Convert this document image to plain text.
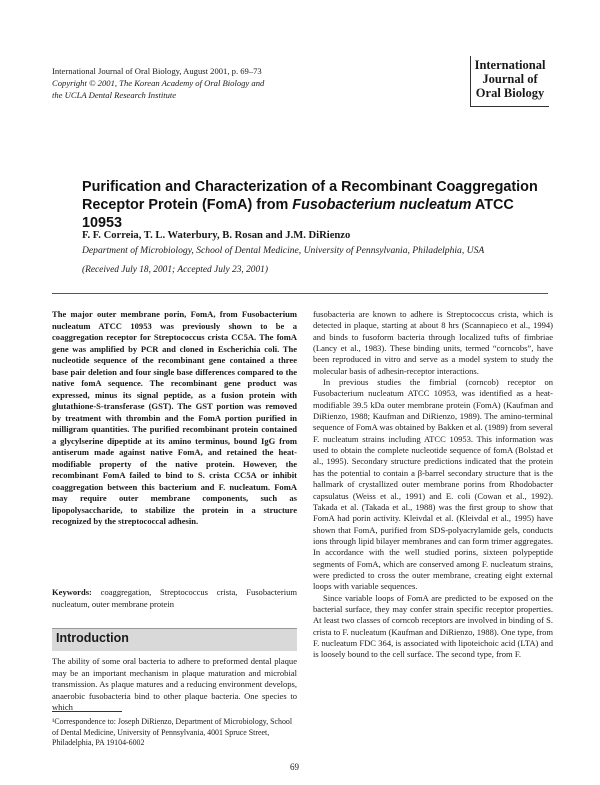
International Journal of Oral Biology, August 2001, p. 69–73
Copyright © 2001, The Korean Academy of Oral Biology and
the UCLA Dental Research Institute
International
Journal of
Oral Biology
Purification and Characterization of a Recombinant Coaggregation Receptor Protein (FomA) from Fusobacterium nucleatum ATCC 10953
F. F. Correia, T. L. Waterbury, B. Rosan and J.M. DiRienzo
Department of Microbiology, School of Dental Medicine, University of Pennsylvania, Philadelphia, USA
(Received July 18, 2001; Accepted July 23, 2001)

The major outer membrane porin, FomA, from Fusobacterium nucleatum ATCC 10953 was previously shown to be a coaggregation receptor for Streptococcus crista CC5A. The fomA gene was amplified by PCR and cloned in Escherichia coli. The nucleotide sequence of the recombinant gene contained a three base pair deletion and four single base differences compared to the native fomA sequence. The recombinant gene product was expressed, minus its signal peptide, as a fusion protein with glutathione-S-transferase (GST). The GST portion was removed by treatment with thrombin and the FomA portion purified in milligram quantities. The purified recombinant protein contained a glycylserine dipeptide at its amino terminus, bound IgG from antiserum made against native FomA, and retained the heat-modifiable property of the native protein. However, the recombinant FomA failed to bind to S. crista CC5A or inhibit coaggregation between this bacterium and F. nucleatum. FomA may require outer membrane components, such as lipopolysaccharide, to stabilize the protein in a structure recognized by the streptococcal adhesin.

Keywords: coaggregation, Streptococcus crista, Fusobacterium nucleatum, outer membrane protein
Introduction

The ability of some oral bacteria to adhere to preformed dental plaque may be an important mechanism in plaque maturation and microbial transmission. As plaque matures and a reducing environment develops, anaerobic fusobacteria bind to other plaque bacteria. One species to which

¹Correspondence to: Joseph DiRienzo, Department of Microbiology, School of Dental Medicine, University of Pennsylvania, 4001 Spruce Street, Philadelphia, PA 19104-6002

fusobacteria are known to adhere is Streptococcus crista, which is detected in plaque, starting at about 8 hrs (Scannapieco et al., 1994) and binds to fusoform bacteria through localized tufts of fimbriae (Lancy et al., 1983). These binding units, termed “corncobs”, have been reproduced in vitro and serve as a model system to study the molecular basis of adhesin-receptor interactions.

In previous studies the fimbrial (corncob) receptor on Fusobacterium nucleatum ATCC 10953, was identified as a heat-modifiable 39.5 kDa outer membrane protein (FomA) (Kaufman and DiRienzo, 1988; Kaufman and DiRienzo, 1989). The amino-terminal sequence of FomA was obtained by Bakken et al. (1989) from several F. nucleatum strains including ATCC 10953. This information was used to obtain the complete nucleotide sequence of fomA (Bolstad et al., 1995). Secondary structure predictions indicated that the protein has the potential to contain a β-barrel secondary structure that is the hallmark of crystallized outer membrane porins from Rhodobacter capsulatus (Weiss et al., 1991) and E. coli (Cowan et al., 1992). Takada et al. (Takada et al., 1988) was the first group to show that FomA had porin activity. Kleivdal et al. (Kleivdal et al., 1995) have shown that FomA, purified from SDS-polyacrylamide gels, conducts ions through lipid bilayer membranes and can form trimer aggregates. In accordance with the well studied porins, sixteen polypeptide segments of FomA, which are conserved among F. nucleatum strains, were predicted to cross the outer membrane, creating eight external loops with variable sequences.

Since variable loops of FomA are predicted to be exposed on the bacterial surface, they may confer strain specific receptor properties. At least two classes of corncob receptors are involved in binding of S. crista to F. nucleatum (Kaufman and DiRienzo, 1988). One type, from F. nucleatum FDC 364, is associated with lipoteichoic acid (LTA) and is loosely bound to the cell surface. The second type, from F.

69
